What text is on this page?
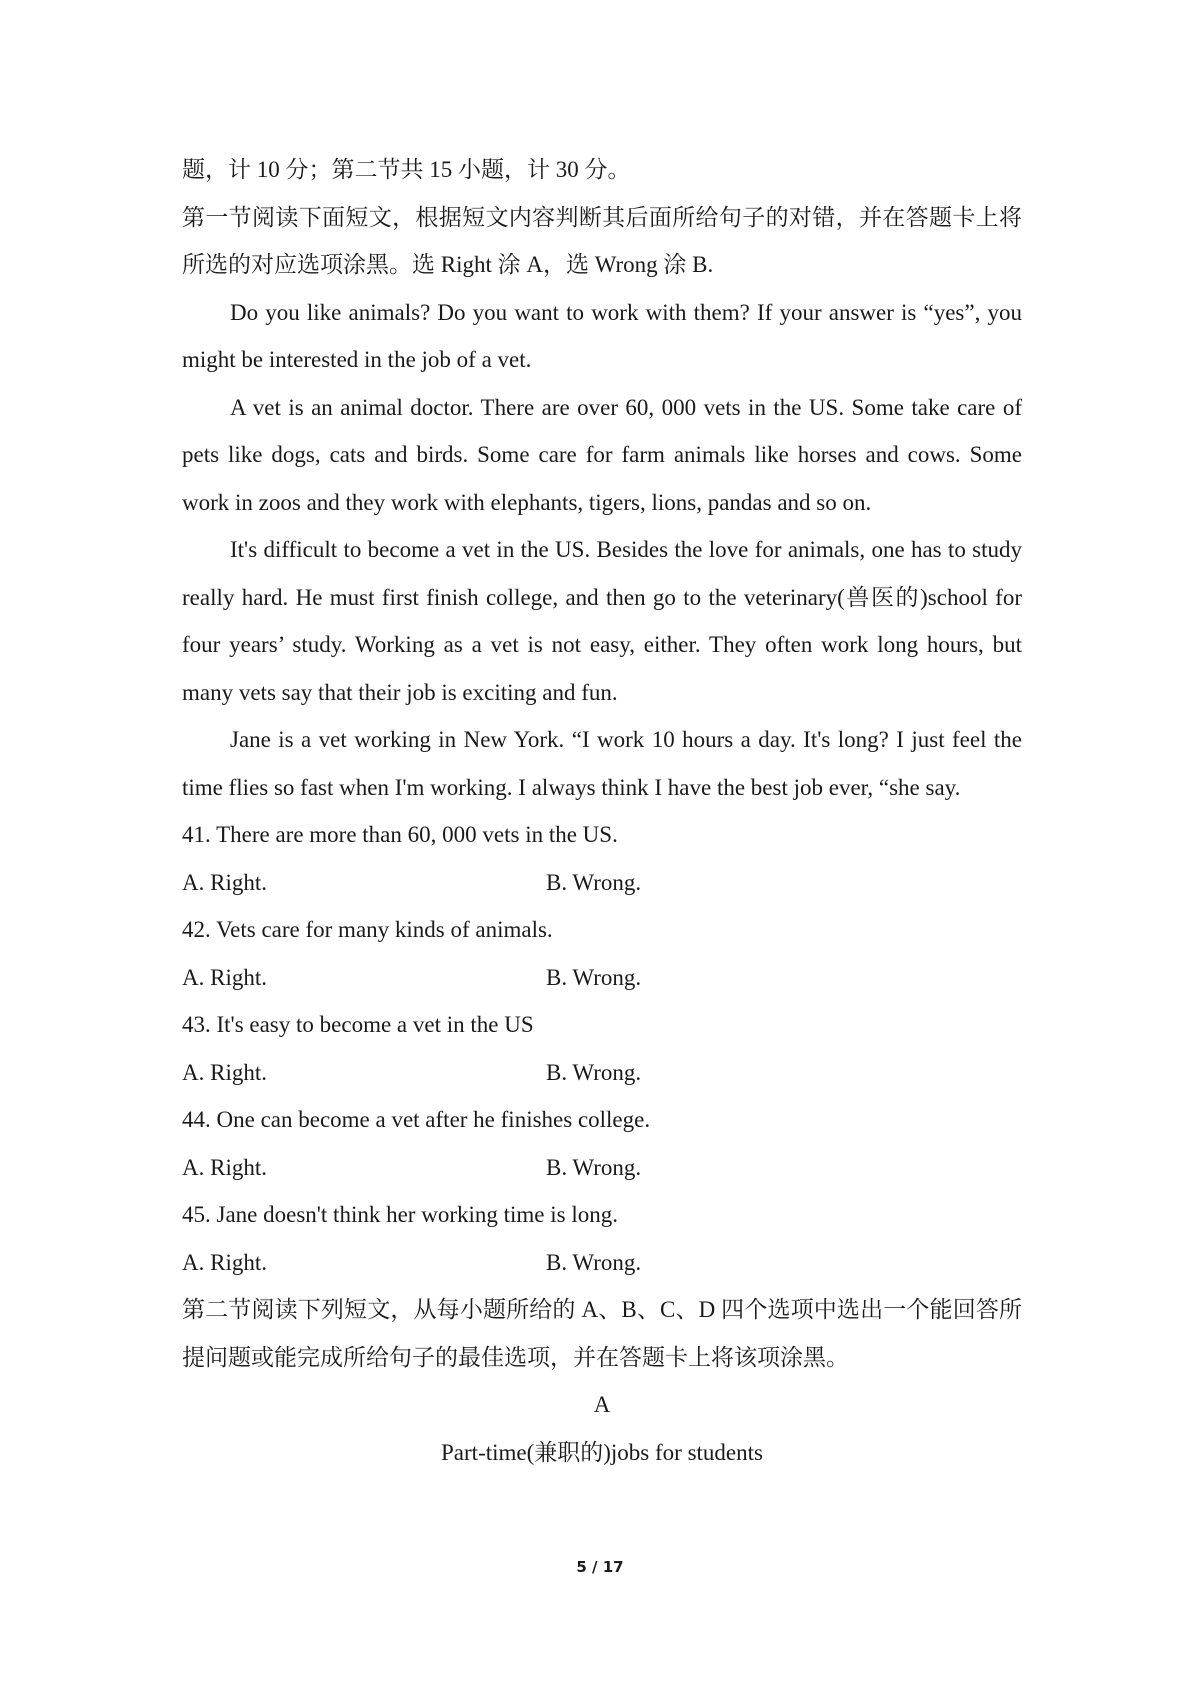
题，计 10 分；第二节共 15 小题，计 30 分。
第一节阅读下面短文，根据短文内容判断其后面所给句子的对错，并在答题卡上将所选的对应选项涂黑。选 Right 涂 A，选 Wrong 涂 B.
Do you like animals? Do you want to work with them? If your answer is “yes”, you might be interested in the job of a vet.
A vet is an animal doctor. There are over 60, 000 vets in the US. Some take care of pets like dogs, cats and birds. Some care for farm animals like horses and cows. Some work in zoos and they work with elephants, tigers, lions, pandas and so on.
It's difficult to become a vet in the US. Besides the love for animals, one has to study really hard. He must first finish college, and then go to the veterinary(兽医的)school for four years’ study. Working as a vet is not easy, either. They often work long hours, but many vets say that their job is exciting and fun.
Jane is a vet working in New York. “I work 10 hours a day. It's long? I just feel the time flies so fast when I'm working. I always think I have the best job ever, “she say.
41. There are more than 60, 000 vets in the US.
A. Right.	B. Wrong.
42. Vets care for many kinds of animals.
A. Right.	B. Wrong.
43. It's easy to become a vet in the US
A. Right.	B. Wrong.
44. One can become a vet after he finishes college.
A. Right.	B. Wrong.
45. Jane doesn't think her working time is long.
A. Right.	B. Wrong.
第二节阅读下列短文，从每小题所给的 A、B、C、D 四个选项中选出一个能回答所提问题或能完成所给句子的最佳选项，并在答题卡上将该项涂黑。
A
Part-time(兼职的)jobs for students
5 / 17
